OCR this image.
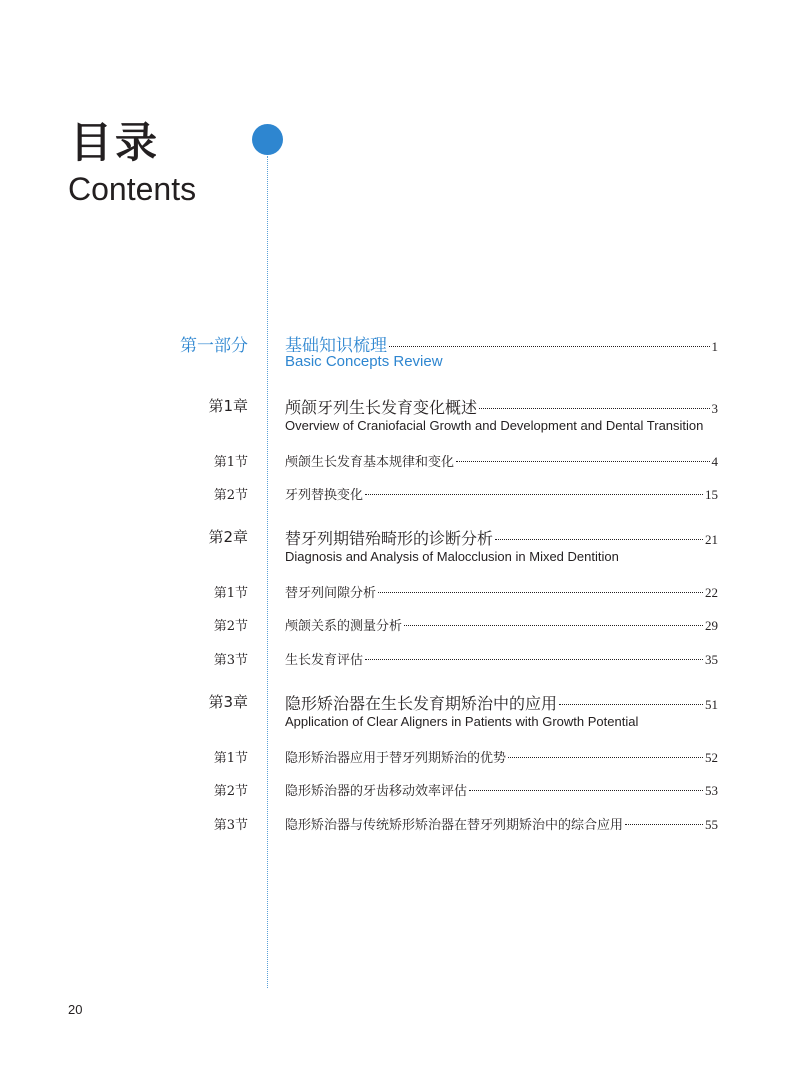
目录
Contents
第一部分 基础知识梳理	1
Basic Concepts Review
第1章 颅颌牙列生长发育变化概述	3
Overview of Craniofacial Growth and Development and Dental Transition
第1节	颅颌生长发育基本规律和变化	4
第2节	牙列替换变化	15
第2章 替牙列期错殆畸形的诊断分析	21
Diagnosis and Analysis of Malocclusion in Mixed Dentition
第1节	替牙列间隙分析	22
第2节	颅颌关系的测量分析	29
第3节	生长发育评估	35
第3章 隐形矫治器在生长发育期矫治中的应用	51
Application of Clear Aligners in Patients with Growth Potential
第1节	隐形矫治器应用于替牙列期矫治的优势	52
第2节	隐形矫治器的牙齿移动效率评估	53
第3节	隐形矫治器与传统矫形矫治器在替牙列期矫治中的综合应用	55
20
